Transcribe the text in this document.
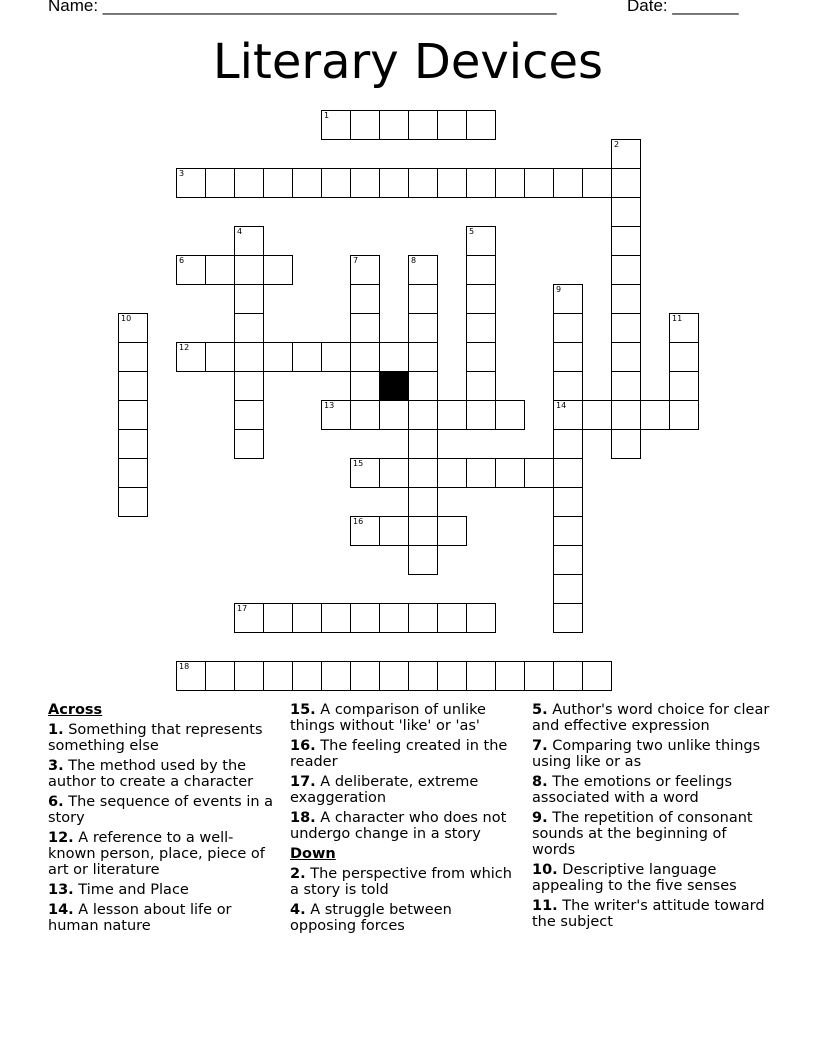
Name: ________________________________________________	Date: _______
Literary Devices
1
2
3
4	5
6	7	8
9
14
10	11
12
13
15
16
17
18
Across
1. Something that represents something else
3. The method used by the author to create a character
6. The sequence of events in a story
12. A reference to a well-known person, place, piece of art or literature
13. Time and Place
14. A lesson about life or human nature
15. A comparison of unlike things without 'like' or 'as'
16. The feeling created in the reader
17. A deliberate, extreme exaggeration
18. A character who does not undergo change in a story
Down
2. The perspective from which a story is told
4. A struggle between opposing forces
5. Author's word choice for clear and effective expression
7. Comparing two unlike things using like or as
8. The emotions or feelings associated with a word
9. The repetition of consonant sounds at the beginning of words
10. Descriptive language appealing to the five senses
11. The writer's attitude toward the subject
